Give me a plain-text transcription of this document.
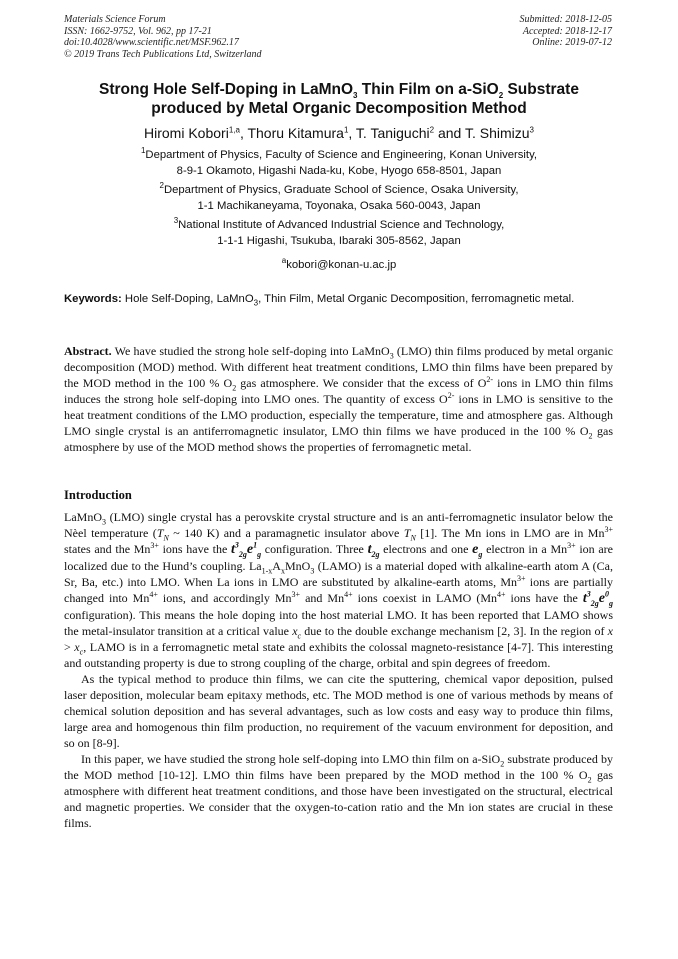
Materials Science Forum
ISSN: 1662-9752, Vol. 962, pp 17-21
doi:10.4028/www.scientific.net/MSF.962.17
© 2019 Trans Tech Publications Ltd, Switzerland
Submitted: 2018-12-05
Accepted: 2018-12-17
Online: 2019-07-12
Strong Hole Self-Doping in LaMnO$_3$ Thin Film on a-SiO$_2$ Substrate
produced by Metal Organic Decomposition Method
Hiromi Kobori$^{1,a}$, Thoru Kitamura$^1$, T. Taniguchi$^2$ and T. Shimizu$^3$
$^1$Department of Physics, Faculty of Science and Engineering, Konan University,
8-9-1 Okamoto, Higashi Nada-ku, Kobe, Hyogo 658-8501, Japan
$^2$Department of Physics, Graduate School of Science, Osaka University,
1-1 Machikaneyama, Toyonaka, Osaka 560-0043, Japan
$^3$National Institute of Advanced Industrial Science and Technology,
1-1-1 Higashi, Tsukuba, Ibaraki 305-8562, Japan
$^a$kobori@konan-u.ac.jp
Keywords: Hole Self-Doping, LaMnO$_3$, Thin Film, Metal Organic Decomposition, ferromagnetic metal.
Abstract. We have studied the strong hole self-doping into LaMnO$_3$ (LMO) thin films produced by metal organic decomposition (MOD) method. With different heat treatment conditions, LMO thin films have been prepared by the MOD method in the 100 % $O_2$ gas atmosphere. We consider that the excess of $O^{2-}$ ions in LMO thin films induces the strong hole self-doping into LMO ones. The quantity of excess $O^{2-}$ ions in LMO is sensitive to the heat treatment conditions of the LMO production, especially the temperature, time and atmosphere gas. Although LMO single crystal is an antiferromagnetic insulator, LMO thin films we have produced in the 100 % $O_2$ gas atmosphere by use of the MOD method shows the properties of ferromagnetic metal.
Introduction

LaMnO$_3$ (LMO) single crystal has a perovskite crystal structure and is an anti-ferromagnetic insulator below the Nèel temperature ($T_N$ ~ 140 K) and a paramagnetic insulator above $T_N$ [1]. The Mn ions in LMO are in $Mn^{3+}$ states and the $Mn^{3+}$ ions have the $t^3_{2g}e^1_g$ configuration. Three $t_{2g}$ electrons and one $e_g$ electron in a $Mn^{3+}$ ion are localized due to the Hund’s coupling. $La_{1-x}A_xMnO_3$ (LAMO) is a material doped with alkaline-earth atom A (Ca, Sr, Ba, etc.) into LMO. When La ions in LMO are substituted by alkaline-earth atoms, $Mn^{3+}$ ions are partially changed into $Mn^{4+}$ ions, and accordingly $Mn^{3+}$ and $Mn^{4+}$ ions coexist in LAMO ($Mn^{4+}$ ions have the $t^3_{2g}e^0_g$ configuration). This means the hole doping into the host material LMO. It has been reported that LAMO shows the metal-insulator transition at a critical value $x_c$ due to the double exchange mechanism [2, 3]. In the region of $x > x_c$, LAMO is in a ferromagnetic metal state and exhibits the colossal magneto-resistance [4-7]. This interesting and outstanding property is due to strong coupling of the charge, orbital and spin degrees of freedom.

As the typical method to produce thin films, we can cite the sputtering, chemical vapor deposition, pulsed laser deposition, molecular beam epitaxy methods, etc. The MOD method is one of various methods by means of chemical solution deposition and has several advantages, such as low costs and easy way to produce thin films, large area and homogenous thin film production, no requirement of the vacuum environment for deposition, and so on [8-9].

In this paper, we have studied the strong hole self-doping into LMO thin film on a-SiO$_2$ substrate produced by the MOD method [10-12]. LMO thin films have been prepared by the MOD method in the 100 % $O_2$ gas atmosphere with different heat treatment conditions, and those have been investigated on the structural, electrical and magnetic properties. We consider that the oxygen-to-cation ratio and the Mn ion states are crucial in these films.
